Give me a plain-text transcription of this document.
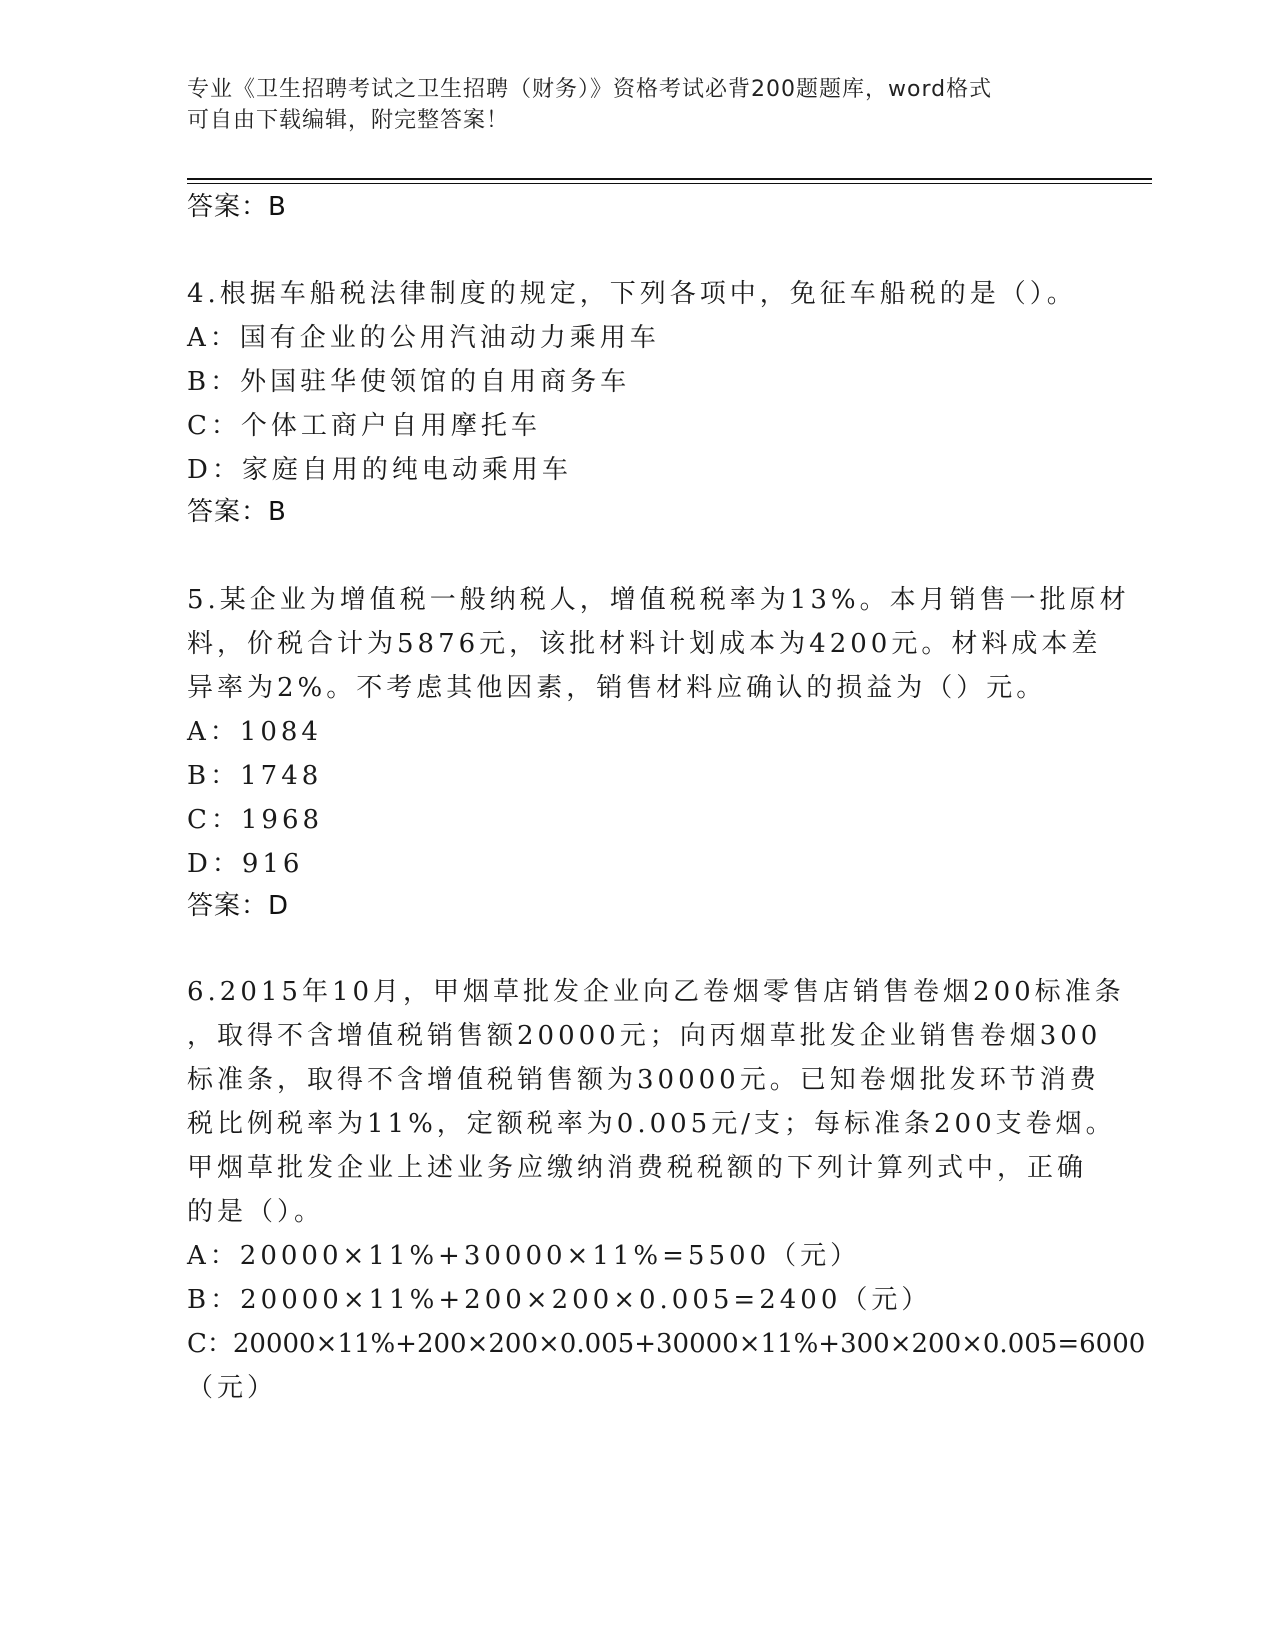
专业《卫生招聘考试之卫生招聘（财务）》资格考试必背200题题库，word格式
可自由下载编辑，附完整答案！
答案：B
4.根据车船税法律制度的规定，下列各项中，免征车船税的是（）。
A：国有企业的公用汽油动力乘用车
B：外国驻华使领馆的自用商务车
C：个体工商户自用摩托车
D：家庭自用的纯电动乘用车
答案：B
5.某企业为增值税一般纳税人，增值税税率为13%。本月销售一批原材
料，价税合计为5876元，该批材料计划成本为4200元。材料成本差
异率为2%。不考虑其他因素，销售材料应确认的损益为（）元。
A：1084
B：1748
C：1968
D：916
答案：D
6.2015年10月，甲烟草批发企业向乙卷烟零售店销售卷烟200标准条
，取得不含增值税销售额20000元；向丙烟草批发企业销售卷烟300
标准条，取得不含增值税销售额为30000元。已知卷烟批发环节消费
税比例税率为11%，定额税率为0.005元/支；每标准条200支卷烟。
甲烟草批发企业上述业务应缴纳消费税税额的下列计算列式中，正确
的是（）。
A：20000×11%+30000×11%=5500（元）
B：20000×11%+200×200×0.005=2400（元）
C：20000×11%+200×200×0.005+30000×11%+300×200×0.005=6000
（元）
